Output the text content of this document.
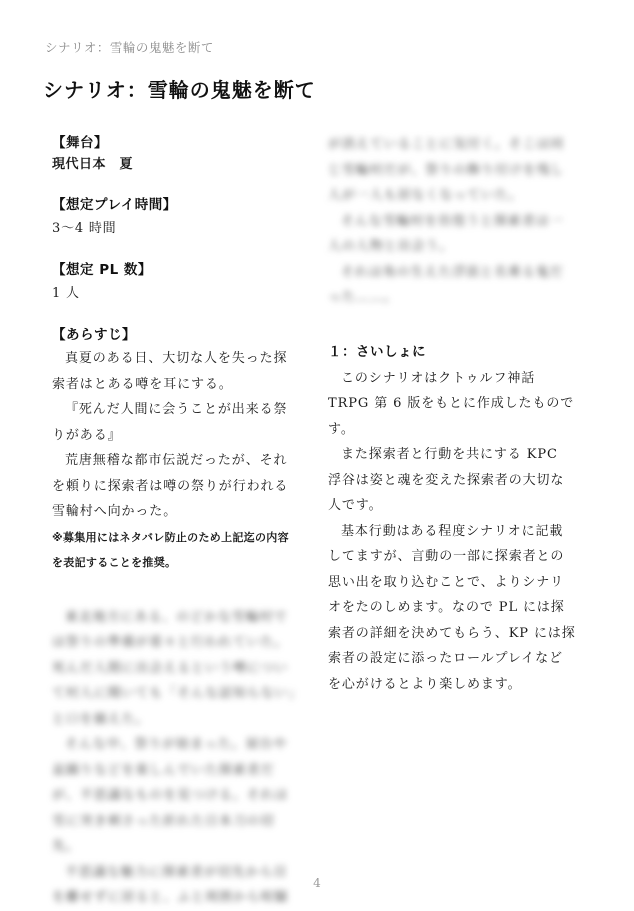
シナリオ：雪輪の鬼魅を断て
シナリオ：雪輪の鬼魅を断て

【舞台】

現代日本　夏

【想定プレイ時間】

3〜4 時間

【想定 PL 数】

1 人

【あらすじ】

真夏のある日、大切な人を失った探索者はとある噂を耳にする。

『死んだ人間に会うことが出来る祭りがある』

荒唐無稽な都市伝説だったが、それを頼りに探索者は噂の祭りが行われる雪輪村へ向かった。

※募集用にはネタバレ防止のため上記迄の内容を表記することを推奨。

東北地方にある、のどかな雪輪村では祭りの準備が着々と行われていた。死んだ人間に出会えるという噂について村人に聞いても「そんな話知らない」と口を揃えた。

そんな中、祭りが始まった。屋台や盆踊りなどを楽しんでいた探索者だが、不思議なものを見つける。それは雪に突き刺さった折れた日本刀の切先。

不思議な魅力に探索者が切先から目を離せずに居ると、ふと周囲から喧騒

が消えていることに気付く。そこは同じ雪輪村だが、祭りの飾り付けを残し人が一人も居なくなっていた。

そんな雪輪村を彷徨うと探索者は一人の人物と出会う。

それは角の生えた浮浪と名乗る鬼だった……。

１：さいしょに

このシナリオはクトゥルフ神話 TRPG 第 6 版をもとに作成したものです。

また探索者と行動を共にする KPC 浮谷は姿と魂を変えた探索者の大切な人です。

基本行動はある程度シナリオに記載してますが、言動の一部に探索者との思い出を取り込むことで、よりシナリオをたのしめます。なので PL には探索者の詳細を決めてもらう、KP には探索者の設定に添ったロールプレイなどを心がけるとより楽しめます。

4
